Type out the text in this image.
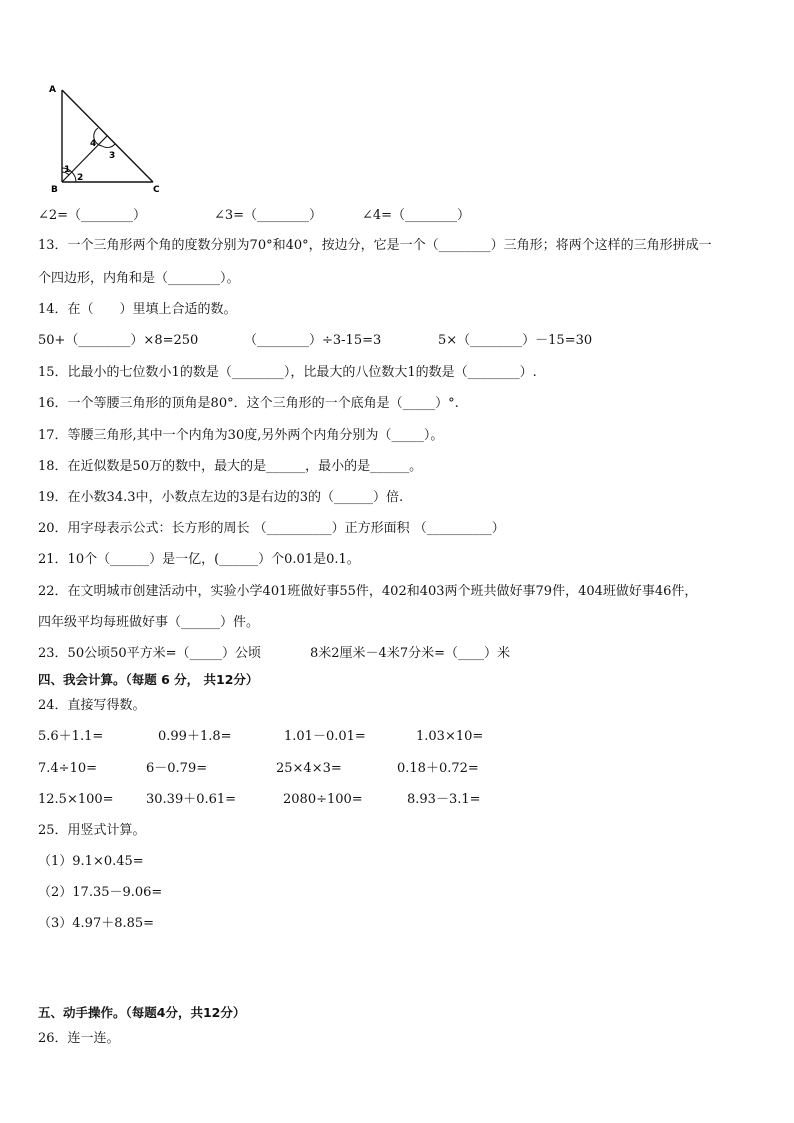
A
B	C
1
2
3
4
∠2=（________）	∠3=（________）	∠4=（________）
13．一个三角形两个角的度数分别为70°和40°，按边分，它是一个（________）三角形；将两个这样的三角形拼成一
个四边形，内角和是（________）。
14．在（　　）里填上合适的数。
50+（________）×8=250	（________）÷3-15=3	5×（________）－15=30
15．比最小的七位数小1的数是（________），比最大的八位数大1的数是（________）.
16．一个等腰三角形的顶角是80°．这个三角形的一个底角是（_____）°.
17．等腰三角形,其中一个内角为30度,另外两个内角分别为（_____）。
18．在近似数是50万的数中，最大的是______，最小的是______。
19．在小数34.3中，小数点左边的3是右边的3的（______）倍.
20．用字母表示公式：长方形的周长 （__________）正方形面积 （__________）
21．10个（______）是一亿，(______）个0.01是0.1。
22．在文明城市创建活动中，实验小学401班做好事55件，402和403两个班共做好事79件，404班做好事46件，
四年级平均每班做好事（______）件。
23．50公顷50平方米=（_____）公顷	8米2厘米－4米7分米=（____）米
四、我会计算。（每题 6 分， 共12分）
24．直接写得数。
5.6＋1.1=	0.99＋1.8=	1.01－0.01=	1.03×10=
7.4÷10=	6－0.79=	25×4×3=	0.18＋0.72=
12.5×100= 30.39＋0.61=	2080÷100=	8.93－3.1=
25．用竖式计算。
（1）9.1×0.45=
（2）17.35－9.06=
（3）4.97＋8.85=
五、动手操作。（每题4分，共12分）
26．连一连。
